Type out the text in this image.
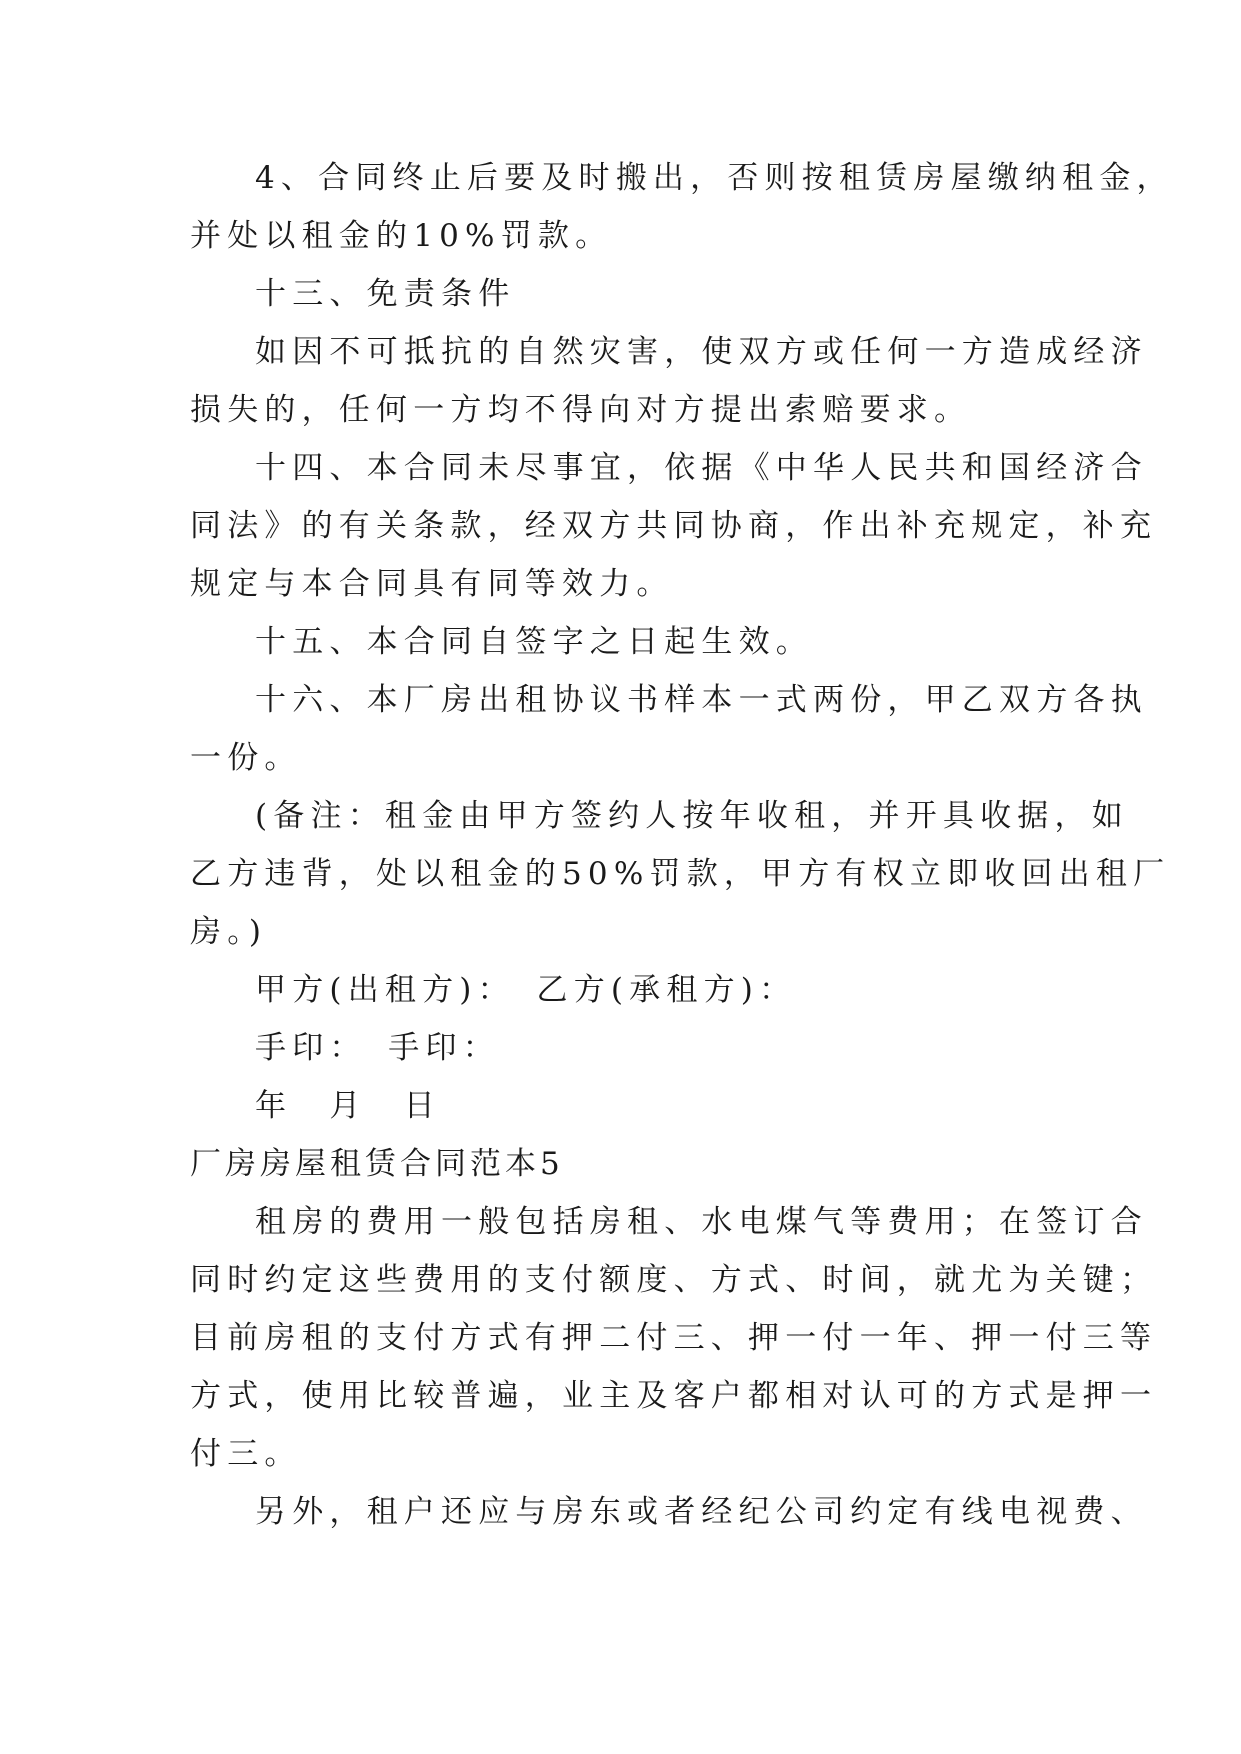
4、合同终止后要及时搬出，否则按租赁房屋缴纳租金，
并处以租金的10%罚款。
十三、免责条件
如因不可抵抗的自然灾害，使双方或任何一方造成经济
损失的，任何一方均不得向对方提出索赔要求。
十四、本合同未尽事宜，依据《中华人民共和国经济合
同法》的有关条款，经双方共同协商，作出补充规定，补充
规定与本合同具有同等效力。
十五、本合同自签字之日起生效。
十六、本厂房出租协议书样本一式两份，甲乙双方各执
一份。
(备注：租金由甲方签约人按年收租，并开具收据，如
乙方违背，处以租金的50%罚款，甲方有权立即收回出租厂
房。)
甲方(出租方)：　乙方(承租方)：
手印：　手印：
年　月　日
厂房房屋租赁合同范本5
租房的费用一般包括房租、水电煤气等费用；在签订合
同时约定这些费用的支付额度、方式、时间，就尤为关键；
目前房租的支付方式有押二付三、押一付一年、押一付三等
方式，使用比较普遍，业主及客户都相对认可的方式是押一
付三。
另外，租户还应与房东或者经纪公司约定有线电视费、
